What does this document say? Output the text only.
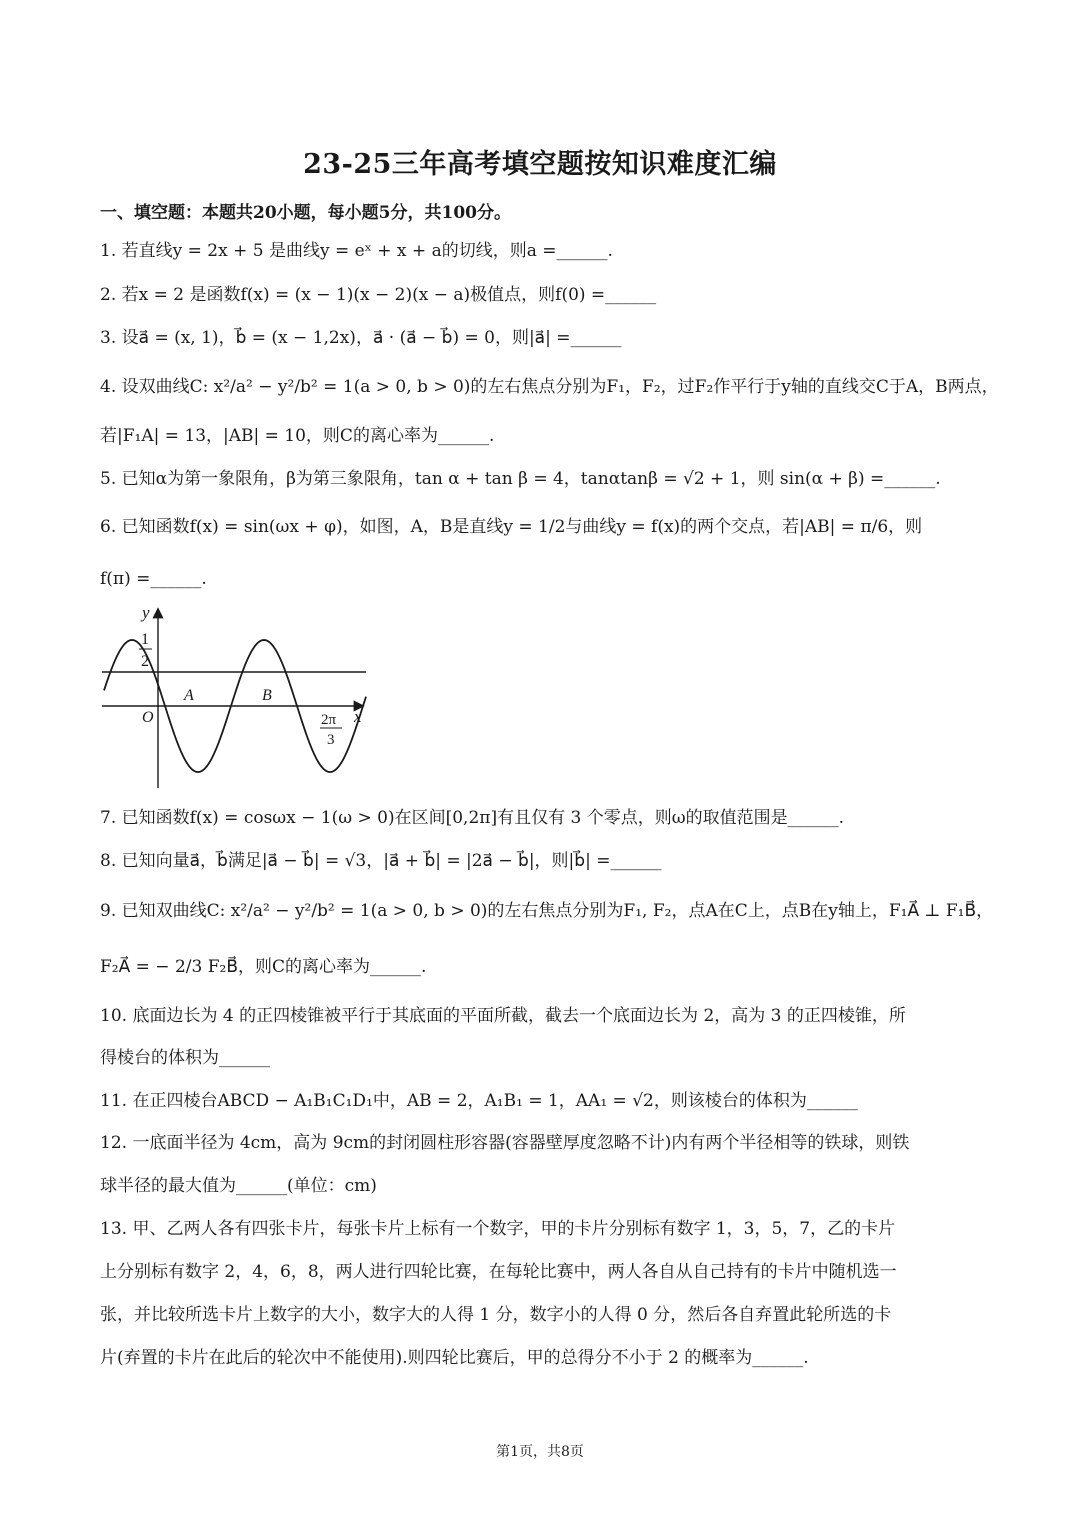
23-25三年高考填空题按知识难度汇编
一、填空题：本题共20小题，每小题5分，共100分。
1. 若直线y = 2x + 5 是曲线y = eˣ + x + a的切线，则a =______.
2. 若x = 2 是函数f(x) = (x − 1)(x − 2)(x − a)极值点，则f(0) =______
3. 设a⃗ = (x, 1)，b⃗ = (x − 1,2x)，a⃗ · (a⃗ − b⃗) = 0，则|a⃗| =______
4. 设双曲线C: x²/a² − y²/b² = 1(a > 0, b > 0)的左右焦点分别为F₁，F₂，过F₂作平行于y轴的直线交C于A，B两点，
若|F₁A| = 13，|AB| = 10，则C的离心率为______.
5. 已知α为第一象限角，β为第三象限角，tan α + tan β = 4，tanαtanβ = √2 + 1，则 sin(α + β) =______.
6. 已知函数f(x) = sin(ωx + φ)，如图，A，B是直线y = 1/2与曲线y = f(x)的两个交点，若|AB| = π/6，则
f(π) =______.
y
x
O
1
2
A	B
2π
3
7. 已知函数f(x) = cosωx − 1(ω > 0)在区间[0,2π]有且仅有 3 个零点，则ω的取值范围是______.
8. 已知向量a⃗，b⃗满足|a⃗ − b⃗| = √3，|a⃗ + b⃗| = |2a⃗ − b⃗|，则|b⃗| =______
9. 已知双曲线C: x²/a² − y²/b² = 1(a > 0, b > 0)的左右焦点分别为F₁, F₂，点A在C上，点B在y轴上，F₁A⃗ ⊥ F₁B⃗，
F₂A⃗ = − 2/3 F₂B⃗，则C的离心率为______.
10. 底面边长为 4 的正四棱锥被平行于其底面的平面所截，截去一个底面边长为 2，高为 3 的正四棱锥，所
得棱台的体积为______
11. 在正四棱台ABCD − A₁B₁C₁D₁中，AB = 2，A₁B₁ = 1，AA₁ = √2，则该棱台的体积为______
12. 一底面半径为 4cm，高为 9cm的封闭圆柱形容器(容器壁厚度忽略不计)内有两个半径相等的铁球，则铁
球半径的最大值为______(单位：cm)
13. 甲、乙两人各有四张卡片，每张卡片上标有一个数字，甲的卡片分别标有数字 1，3，5，7，乙的卡片
上分别标有数字 2，4，6，8，两人进行四轮比赛，在每轮比赛中，两人各自从自己持有的卡片中随机选一
张，并比较所选卡片上数字的大小，数字大的人得 1 分，数字小的人得 0 分，然后各自弃置此轮所选的卡
片(弃置的卡片在此后的轮次中不能使用).则四轮比赛后，甲的总得分不小于 2 的概率为______.
第1页，共8页
